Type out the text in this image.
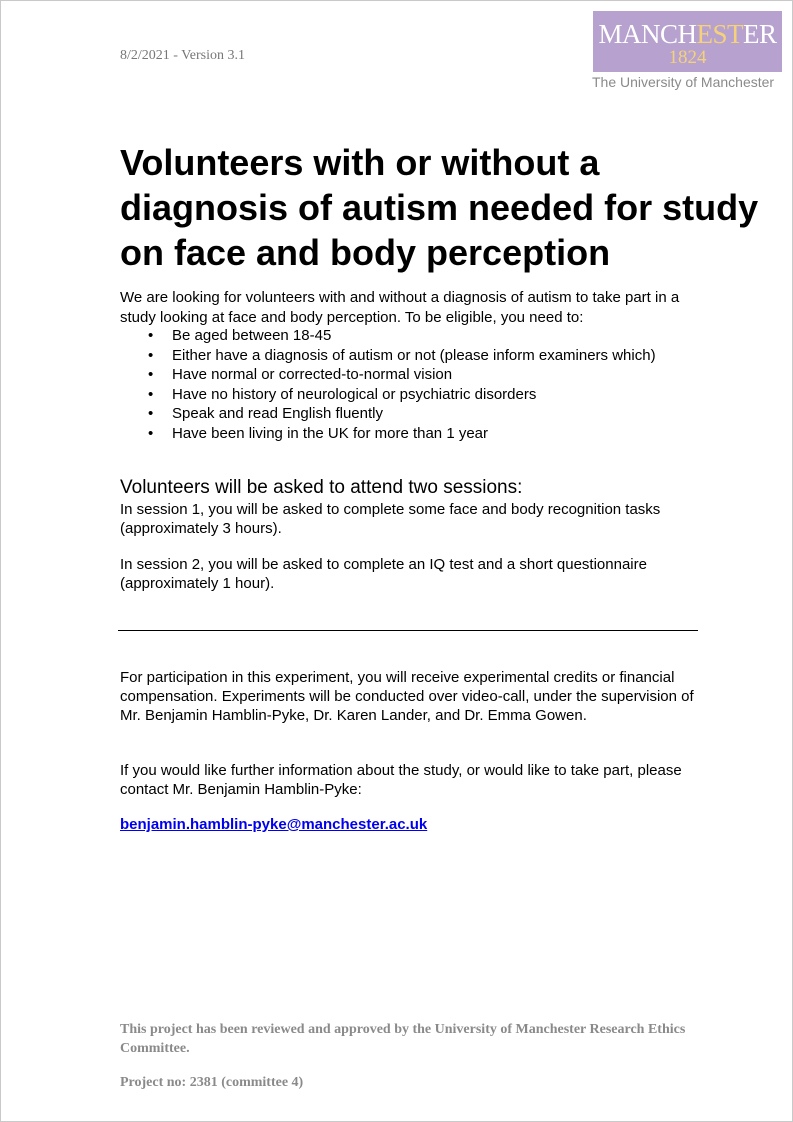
8/2/2021 - Version 3.1
MANCHESTER
1824
The University of Manchester
Volunteers with or without a diagnosis of autism needed for study on face and body perception

We are looking for volunteers with and without a diagnosis of autism to take part in a study looking at face and body perception. To be eligible, you need to:

• Be aged between 18-45
• Either have a diagnosis of autism or not (please inform examiners which)
• Have normal or corrected-to-normal vision
• Have no history of neurological or psychiatric disorders
• Speak and read English fluently
• Have been living in the UK for more than 1 year
Volunteers will be asked to attend two sessions:

In session 1, you will be asked to complete some face and body recognition tasks (approximately 3 hours).

In session 2, you will be asked to complete an IQ test and a short questionnaire (approximately 1 hour).

For participation in this experiment, you will receive experimental credits or financial compensation. Experiments will be conducted over video-call, under the supervision of Mr. Benjamin Hamblin-Pyke, Dr. Karen Lander, and Dr. Emma Gowen.

If you would like further information about the study, or would like to take part, please contact Mr. Benjamin Hamblin-Pyke:

benjamin.hamblin-pyke@manchester.ac.uk

This project has been reviewed and approved by the University of Manchester Research Ethics Committee.

Project no: 2381 (committee 4)
